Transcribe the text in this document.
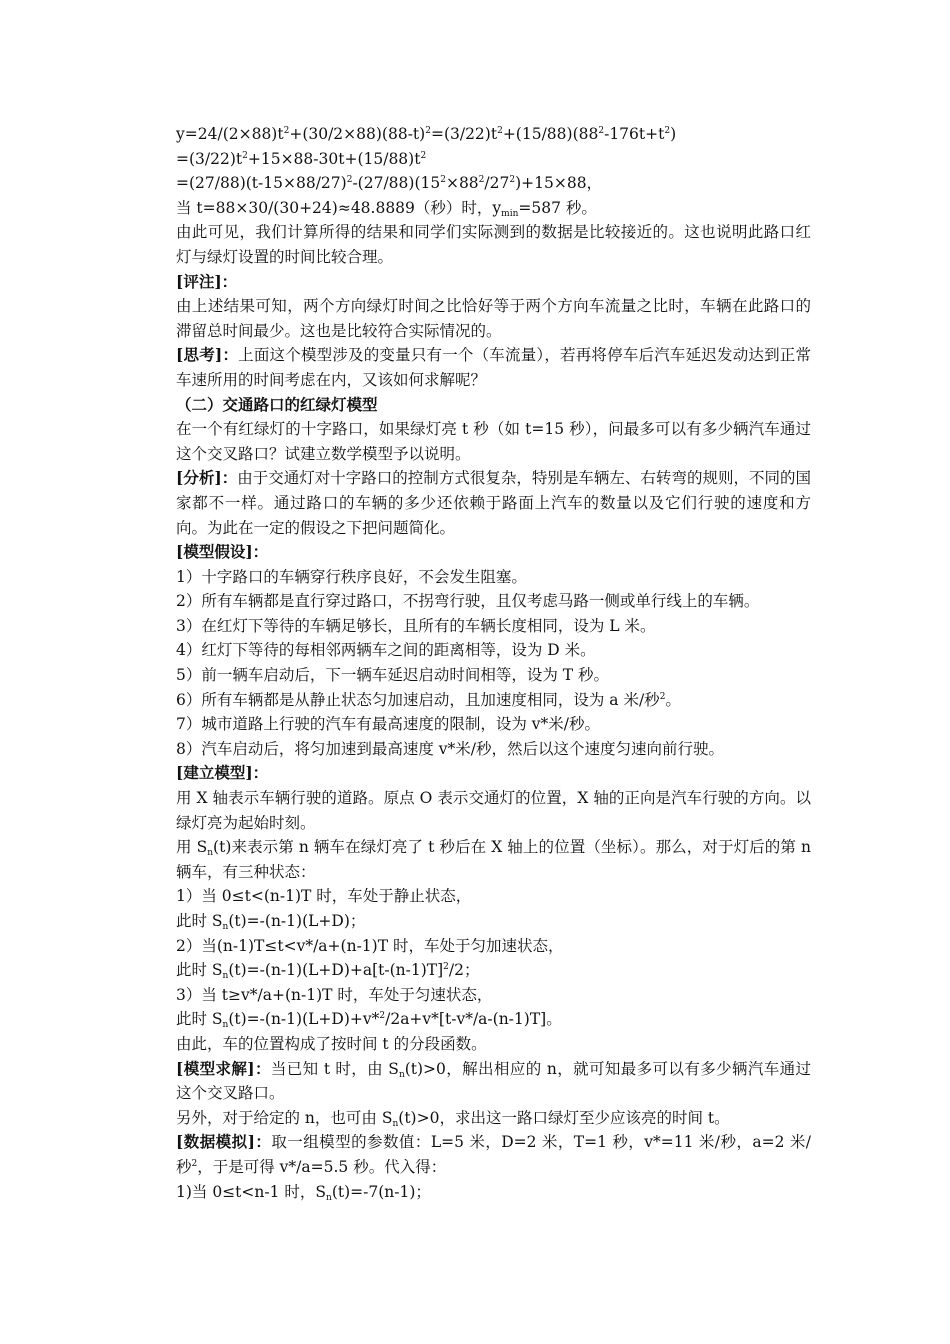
$y=24/(2\times 88)t^2+(30/2\times 88)(88-t)^2=(3/22)t^2+(15/88)(88^2-176t+t^2)$
$=(3/22)t^2+15\times 88-30t+(15/88)t^2$
$=(27/88)(t-15\times 88/27)^2-(27/88)(15^2\times 88^2/27^2)+15\times 88$，
当 t=88×30/(30+24)≈48.8889（秒）时，$y_{min}=587$ 秒。
由此可见，我们计算所得的结果和同学们实际测到的数据是比较接近的。这也说明此路口红灯与绿灯设置的时间比较合理。
[评注]：
由上述结果可知，两个方向绿灯时间之比恰好等于两个方向车流量之比时，车辆在此路口的滞留总时间最少。这也是比较符合实际情况的。
[思考]：上面这个模型涉及的变量只有一个（车流量），若再将停车后汽车延迟发动达到正常车速所用的时间考虑在内，又该如何求解呢？
（二）交通路口的红绿灯模型
在一个有红绿灯的十字路口，如果绿灯亮 t 秒（如 t=15 秒），问最多可以有多少辆汽车通过这个交叉路口？试建立数学模型予以说明。
[分析]：由于交通灯对十字路口的控制方式很复杂，特别是车辆左、右转弯的规则，不同的国家都不一样。通过路口的车辆的多少还依赖于路面上汽车的数量以及它们行驶的速度和方向。为此在一定的假设之下把问题简化。
[模型假设]：
1）十字路口的车辆穿行秩序良好，不会发生阻塞。
2）所有车辆都是直行穿过路口，不拐弯行驶，且仅考虑马路一侧或单行线上的车辆。
3）在红灯下等待的车辆足够长，且所有的车辆长度相同，设为 L 米。
4）红灯下等待的每相邻两辆车之间的距离相等，设为 D 米。
5）前一辆车启动后，下一辆车延迟启动时间相等，设为 T 秒。
6）所有车辆都是从静止状态匀加速启动，且加速度相同，设为 a 米/秒$^2$。
7）城市道路上行驶的汽车有最高速度的限制，设为 v*米/秒。
8）汽车启动后，将匀加速到最高速度 v*米/秒，然后以这个速度匀速向前行驶。
[建立模型]：
用 X 轴表示车辆行驶的道路。原点 O 表示交通灯的位置，X 轴的正向是汽车行驶的方向。以绿灯亮为起始时刻。
用 $S_n(t)$来表示第 n 辆车在绿灯亮了 t 秒后在 X 轴上的位置（坐标）。那么，对于灯后的第 n 辆车，有三种状态：
1）当 0≤t<(n-1)T 时，车处于静止状态，
此时 $S_n(t)=-(n-1)(L+D)$；
2）当(n-1)T≤t<v*/a+(n-1)T 时，车处于匀加速状态，
此时 $S_n(t)=-(n-1)(L+D)+a[t-(n-1)T]^2/2$；
3）当 t≥v*/a+(n-1)T 时，车处于匀速状态，
此时 $S_n(t)=-(n-1)(L+D)+v*^2/2a+v*[t-v*/a-(n-1)T]$。
由此，车的位置构成了按时间 t 的分段函数。
[模型求解]：当已知 t 时，由 $S_n(t)>0$，解出相应的 n，就可知最多可以有多少辆汽车通过这个交叉路口。
另外，对于给定的 n，也可由 $S_n(t)>0$，求出这一路口绿灯至少应该亮的时间 t。
[数据模拟]：取一组模型的参数值：L=5 米，D=2 米，T=1 秒，v*=11 米/秒，a=2 米/秒$^2$，于是可得 v*/a=5.5 秒。代入得：
1)当 0≤t<n-1 时，$S_n(t)=-7(n-1)$；
